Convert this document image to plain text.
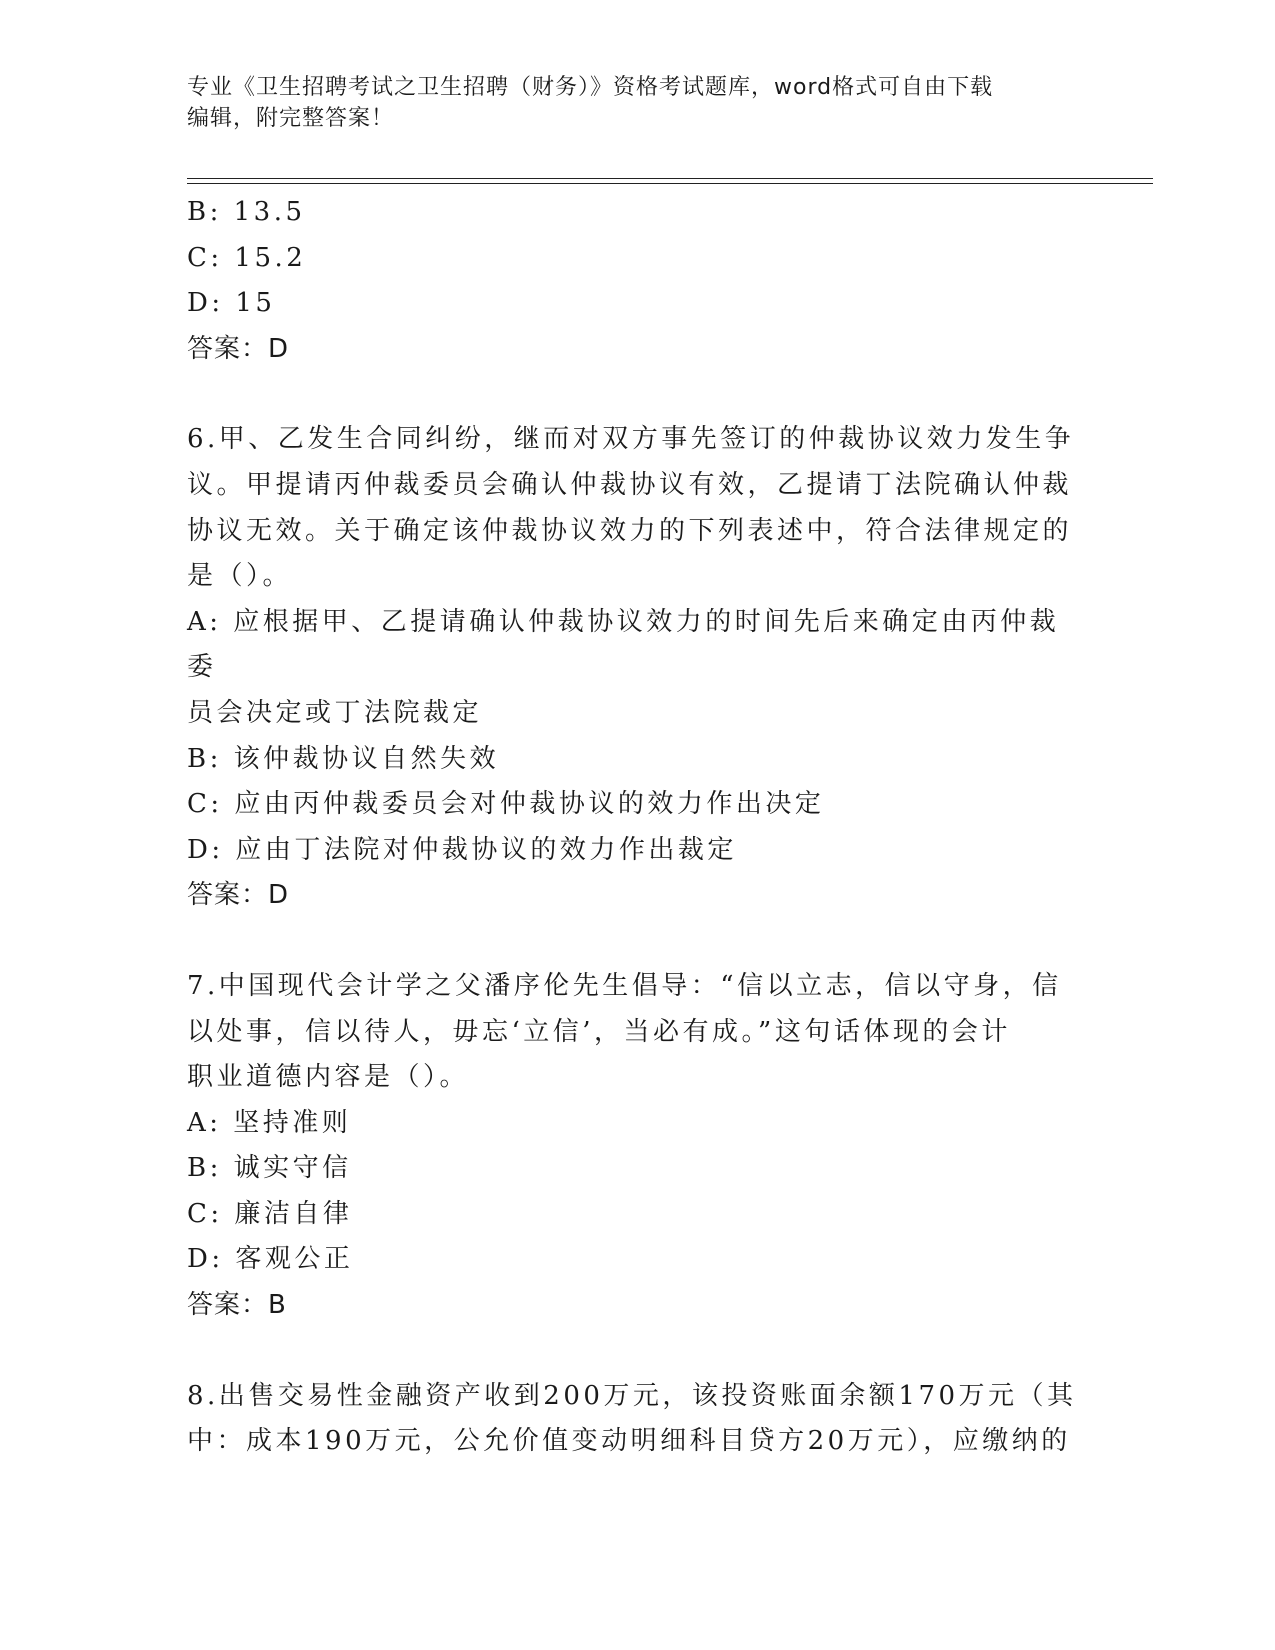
专业《卫生招聘考试之卫生招聘（财务）》资格考试题库，word格式可自由下载
编辑，附完整答案！

B: 13.5

C: 15.2

D: 15

答案：D

6.甲、乙发生合同纠纷，继而对双方事先签订的仲裁协议效力发生争

议。甲提请丙仲裁委员会确认仲裁协议有效，乙提请丁法院确认仲裁

协议无效。关于确定该仲裁协议效力的下列表述中，符合法律规定的

是（）。

A: 应根据甲、乙提请确认仲裁协议效力的时间先后来确定由丙仲裁委

员会决定或丁法院裁定

B: 该仲裁协议自然失效

C: 应由丙仲裁委员会对仲裁协议的效力作出决定

D: 应由丁法院对仲裁协议的效力作出裁定

答案：D

7.中国现代会计学之父潘序伦先生倡导：“信以立志，信以守身，信

以处事，信以待人，毋忘‘立信’，当必有成。”这句话体现的会计

职业道德内容是（）。

A: 坚持准则

B: 诚实守信

C: 廉洁自律

D: 客观公正

答案：B

8.出售交易性金融资产收到200万元，该投资账面余额170万元（其

中：成本190万元，公允价值变动明细科目贷方20万元），应缴纳的
